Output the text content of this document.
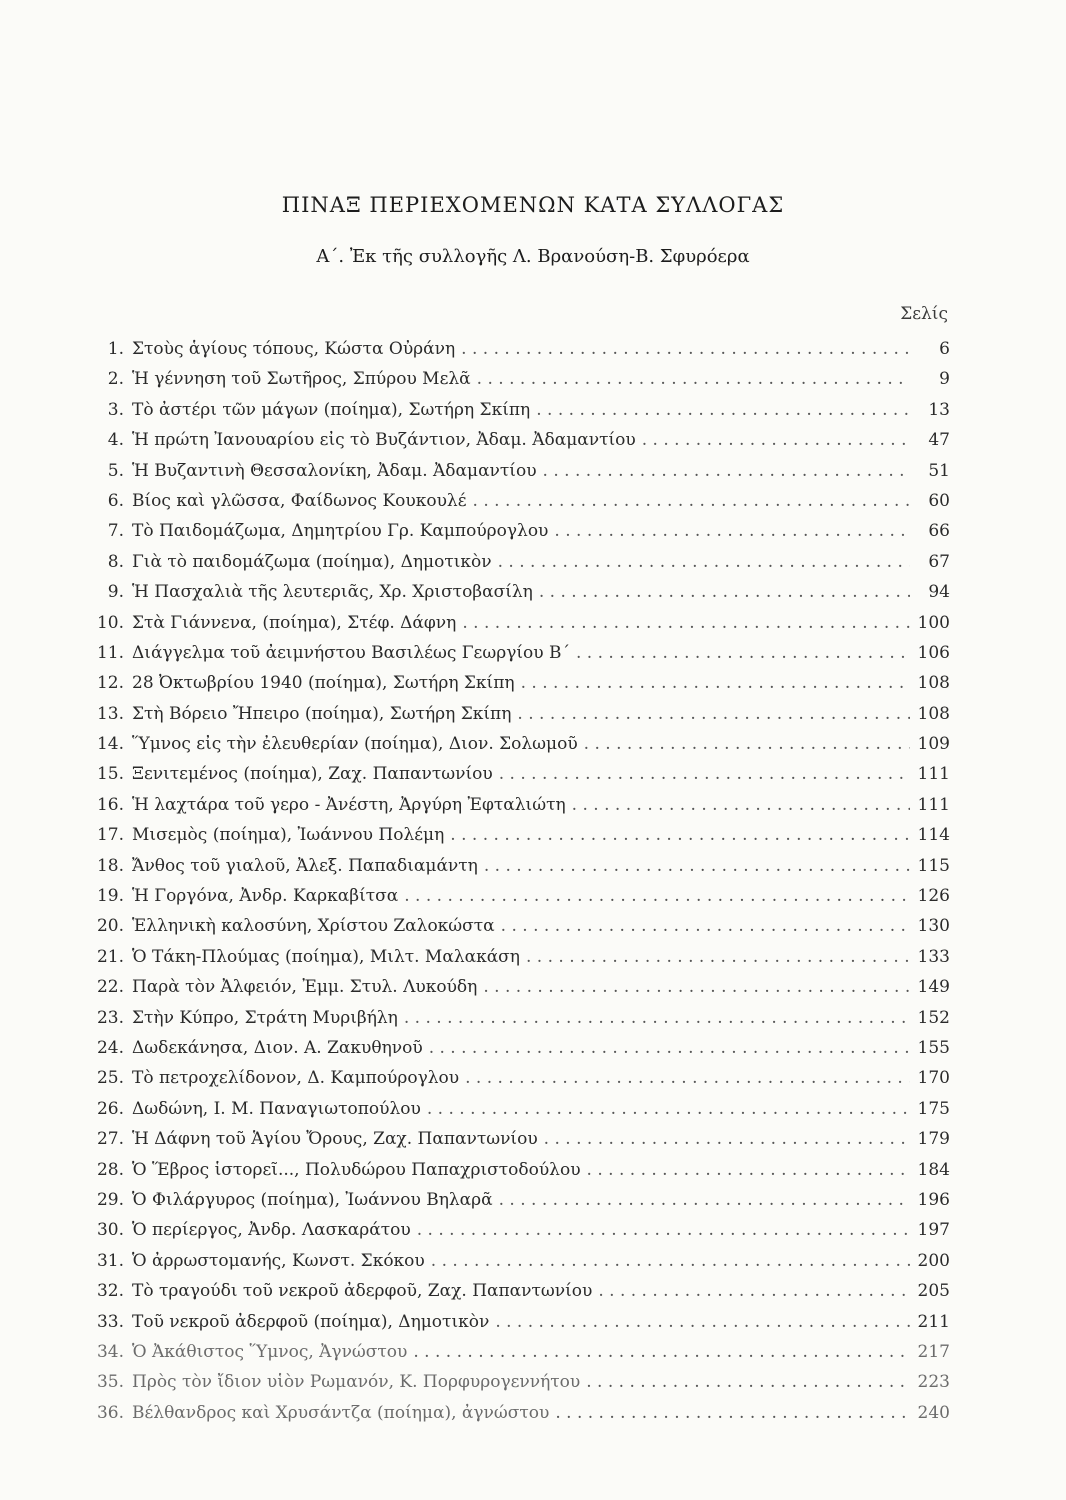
ΠΙΝΑΞ ΠΕΡΙΕΧΟΜΕΝΩΝ ΚΑΤΑ ΣΥΛΛΟΓΑΣ
Α΄. Ἐκ τῆς συλλογῆς Λ. Βρανούση-Β. Σφυρόερα
Σελίς
1. Στοὺς ἁγίους τόπους, Κώστα Οὐράνη . . .	6
2. Ἡ γέννηση τοῦ Σωτῆρος, Σπύρου Μελᾶ . . .	9
3. Τὸ ἀστέρι τῶν μάγων (ποίημα), Σωτήρη Σκίπη . . .	13
4. Ἡ πρώτη Ἰανουαρίου εἰς τὸ Βυζάντιον, Ἀδαμ. Ἀδαμαντίου . . .	47
5. Ἡ Βυζαντινὴ Θεσσαλονίκη, Ἀδαμ. Ἀδαμαντίου . . .	51
6. Βίος καὶ γλῶσσα, Φαίδωνος Κουκουλέ . . .	60
7. Τὸ Παιδομάζωμα, Δημητρίου Γρ. Καμπούρογλου . . .	66
8. Γιὰ τὸ παιδομάζωμα (ποίημα), Δημοτικὸν . . .	67
9. Ἡ Πασχαλιὰ τῆς λευτεριᾶς, Χρ. Χριστοβασίλη . . .	94
10. Στὰ Γιάννενα, (ποίημα), Στέφ. Δάφνη . . .	100
11. Διάγγελμα τοῦ ἀειμνήστου Βασιλέως Γεωργίου Β΄ . . .	106
12. 28 Ὀκτωβρίου 1940 (ποίημα), Σωτήρη Σκίπη . . .	108
13. Στὴ Βόρειο Ἤπειρο (ποίημα), Σωτήρη Σκίπη . . .	108
14. Ὕμνος εἰς τὴν ἐλευθερίαν (ποίημα), Διον. Σολωμοῦ . . .	109
15. Ξενιτεμένος (ποίημα), Ζαχ. Παπαντωνίου . . .	111
16. Ἡ λαχτάρα τοῦ γερο - Ἀνέστη, Ἀργύρη Ἐφταλιώτη . . .	111
17. Μισεμὸς (ποίημα), Ἰωάννου Πολέμη . . .	114
18. Ἄνθος τοῦ γιαλοῦ, Ἀλεξ. Παπαδιαμάντη . . .	115
19. Ἡ Γοργόνα, Ἀνδρ. Καρκαβίτσα . . .	126
20. Ἑλληνικὴ καλοσύνη, Χρίστου Ζαλοκώστα . . .	130
21. Ὁ Τάκη-Πλούμας (ποίημα), Μιλτ. Μαλακάση . . .	133
22. Παρὰ τὸν Ἀλφειόν, Ἐμμ. Στυλ. Λυκούδη . . .	149
23. Στὴν Κύπρο, Στράτη Μυριβήλη . . .	152
24. Δωδεκάνησα, Διον. Α. Ζακυθηνοῦ . . .	155
25. Τὸ πετροχελίδονον, Δ. Καμπούρογλου . . .	170
26. Δωδώνη, Ι. Μ. Παναγιωτοπούλου . . .	175
27. Ἡ Δάφνη τοῦ Ἁγίου Ὄρους, Ζαχ. Παπαντωνίου . . .	179
28. Ὁ Ἕβρος ἱστορεῖ..., Πολυδώρου Παπαχριστοδούλου . . .	184
29. Ὁ Φιλάργυρος (ποίημα), Ἰωάννου Βηλαρᾶ . . .	196
30. Ὁ περίεργος, Ἀνδρ. Λασκαράτου . . .	197
31. Ὁ ἀρρωστομανής, Κωνστ. Σκόκου . . .	200
32. Τὸ τραγούδι τοῦ νεκροῦ ἀδερφοῦ, Ζαχ. Παπαντωνίου . . .	205
33. Τοῦ νεκροῦ ἀδερφοῦ (ποίημα), Δημοτικὸν . . .	211
34. Ὁ Ἀκάθιστος Ὕμνος, Ἀγνώστου . . .	217
35. Πρὸς τὸν ἴδιον υἱὸν Ρωμανόν, Κ. Πορφυρογεννήτου . . .	223
36. Βέλθανδρος καὶ Χρυσάντζα (ποίημα), ἀγνώστου . . .	240
